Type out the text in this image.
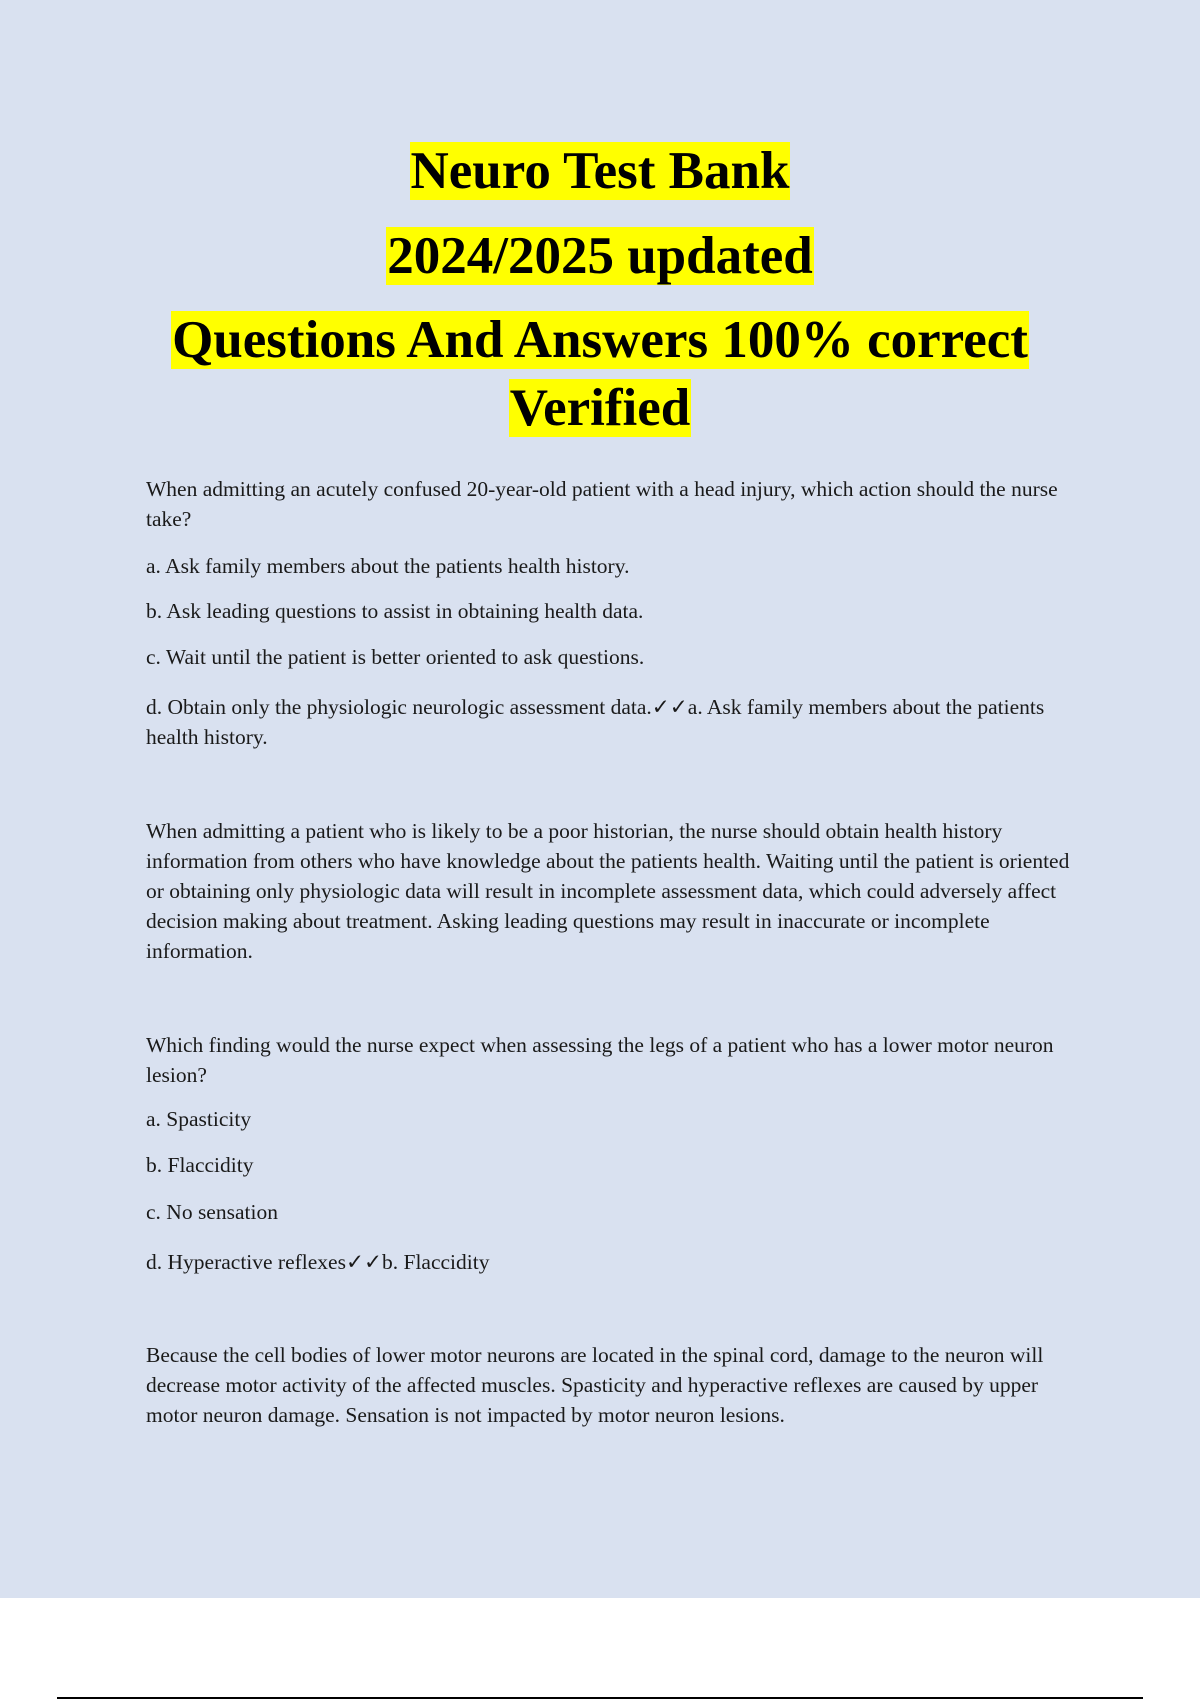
Neuro Test Bank
2024/2025 updated
Questions And Answers 100% correct
Verified

When admitting an acutely confused 20-year-old patient with a head injury, which action should the nurse take?

a. Ask family members about the patients health history.

b. Ask leading questions to assist in obtaining health data.

c. Wait until the patient is better oriented to ask questions.

d. Obtain only the physiologic neurologic assessment data.✓✓a. Ask family members about the patients health history.

When admitting a patient who is likely to be a poor historian, the nurse should obtain health history information from others who have knowledge about the patients health. Waiting until the patient is oriented or obtaining only physiologic data will result in incomplete assessment data, which could adversely affect decision making about treatment. Asking leading questions may result in inaccurate or incomplete information.

Which finding would the nurse expect when assessing the legs of a patient who has a lower motor neuron lesion?

a. Spasticity

b. Flaccidity

c. No sensation

d. Hyperactive reflexes✓✓b. Flaccidity

Because the cell bodies of lower motor neurons are located in the spinal cord, damage to the neuron will decrease motor activity of the affected muscles. Spasticity and hyperactive reflexes are caused by upper motor neuron damage. Sensation is not impacted by motor neuron lesions.
